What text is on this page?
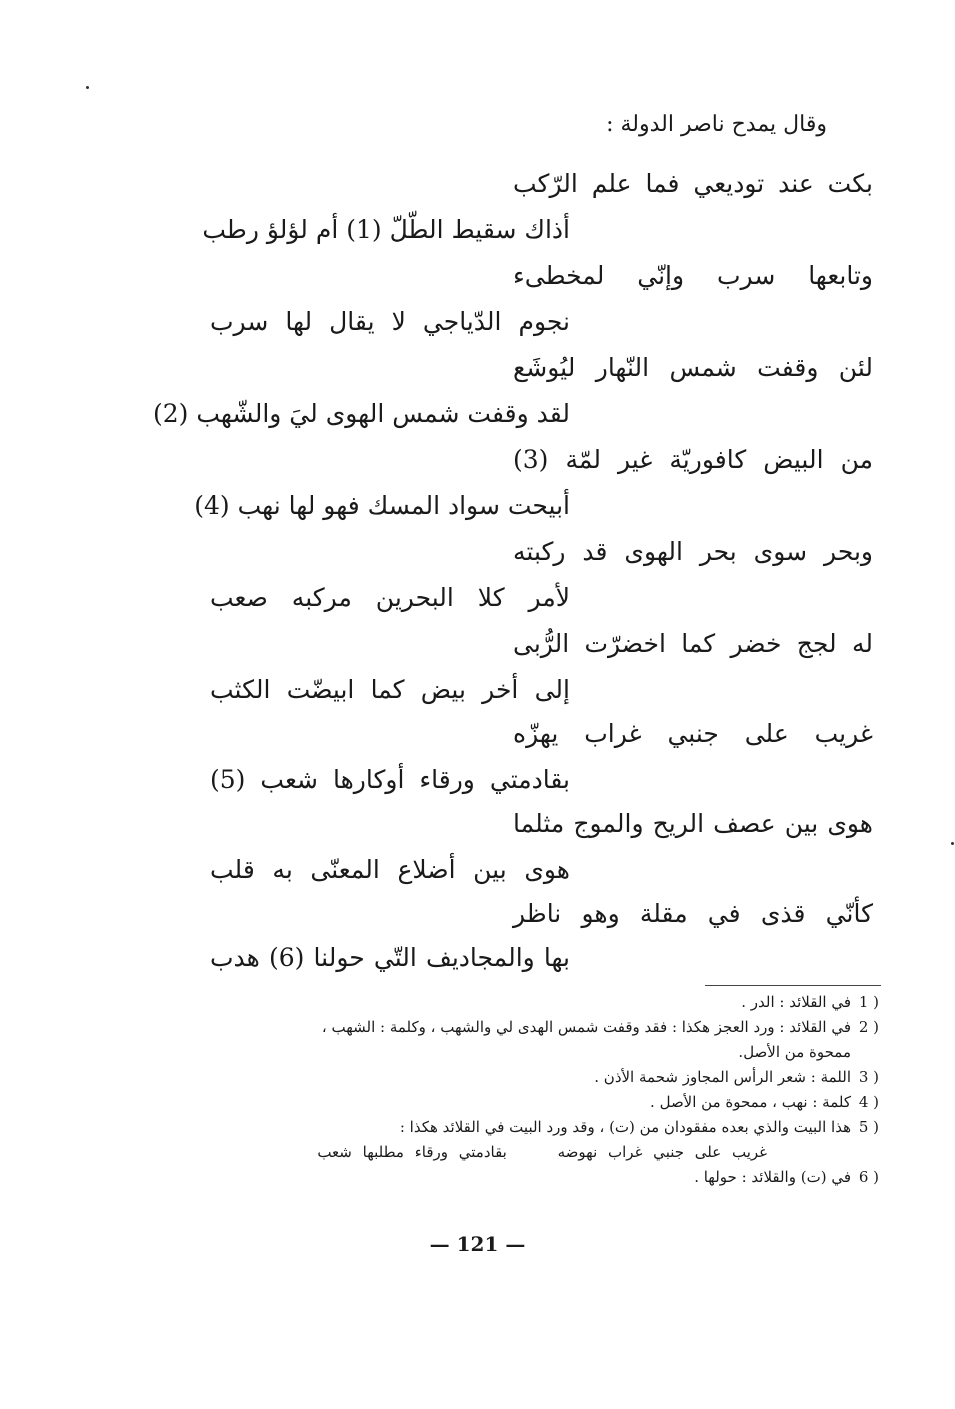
وقال يمدح ناصر الدولة :
بكت عند توديعي فما علم الرّكب
أذاك سقيط الطّلّ (1) أم لؤلؤ رطب
وتابعها سرب وإنّي لمخطىء
نجوم الدّياجي لا يقال لها سرب
لئن وقفت شمس النّهار ليُوشَع
لقد وقفت شمس الهوى ليَ والشّهب (2)
من البيض كافوريّة غير لمّة (3)
أبيحت سواد المسك فهو لها نهب (4)
وبحر سوى بحر الهوى قد ركبته
لأمر كلا البحرين مركبه صعب
له لجج خضر كما اخضرّت الرُّبى
إلى أخر بيض كما ابيضّت الكثب
غريب على جنبي غراب يهزّه
بقادمتي ورقاء أوكارها شعب (5)
هوى بين عصف الريح والموج مثلما
هوى بين أضلاع المعنّى به قلب
كأنّي قذى في مقلة وهو ناظر
بها والمجاديف التّي حولنا (6) هدب
1 )
في القلائد : الدر .
2 )
في القلائد : ورد العجز هكذا : فقد وقفت شمس الهدى لي والشهب ، وكلمة : الشهب ،
ممحوة من الأصل.
3 )
اللمة : شعر الرأس المجاوز شحمة الأذن .
4 )
كلمة : نهب ، ممحوة من الأصل .
5 )
هذا البيت والذي بعده مفقودان من (ت) ، وقد ورد البيت في القلائد هكذا :
غريب على جنبي غراب نهوضه بقادمتي ورقاء مطلبها شعب
6 )
في (ت) والقلائد : حولها .
— 121 —
